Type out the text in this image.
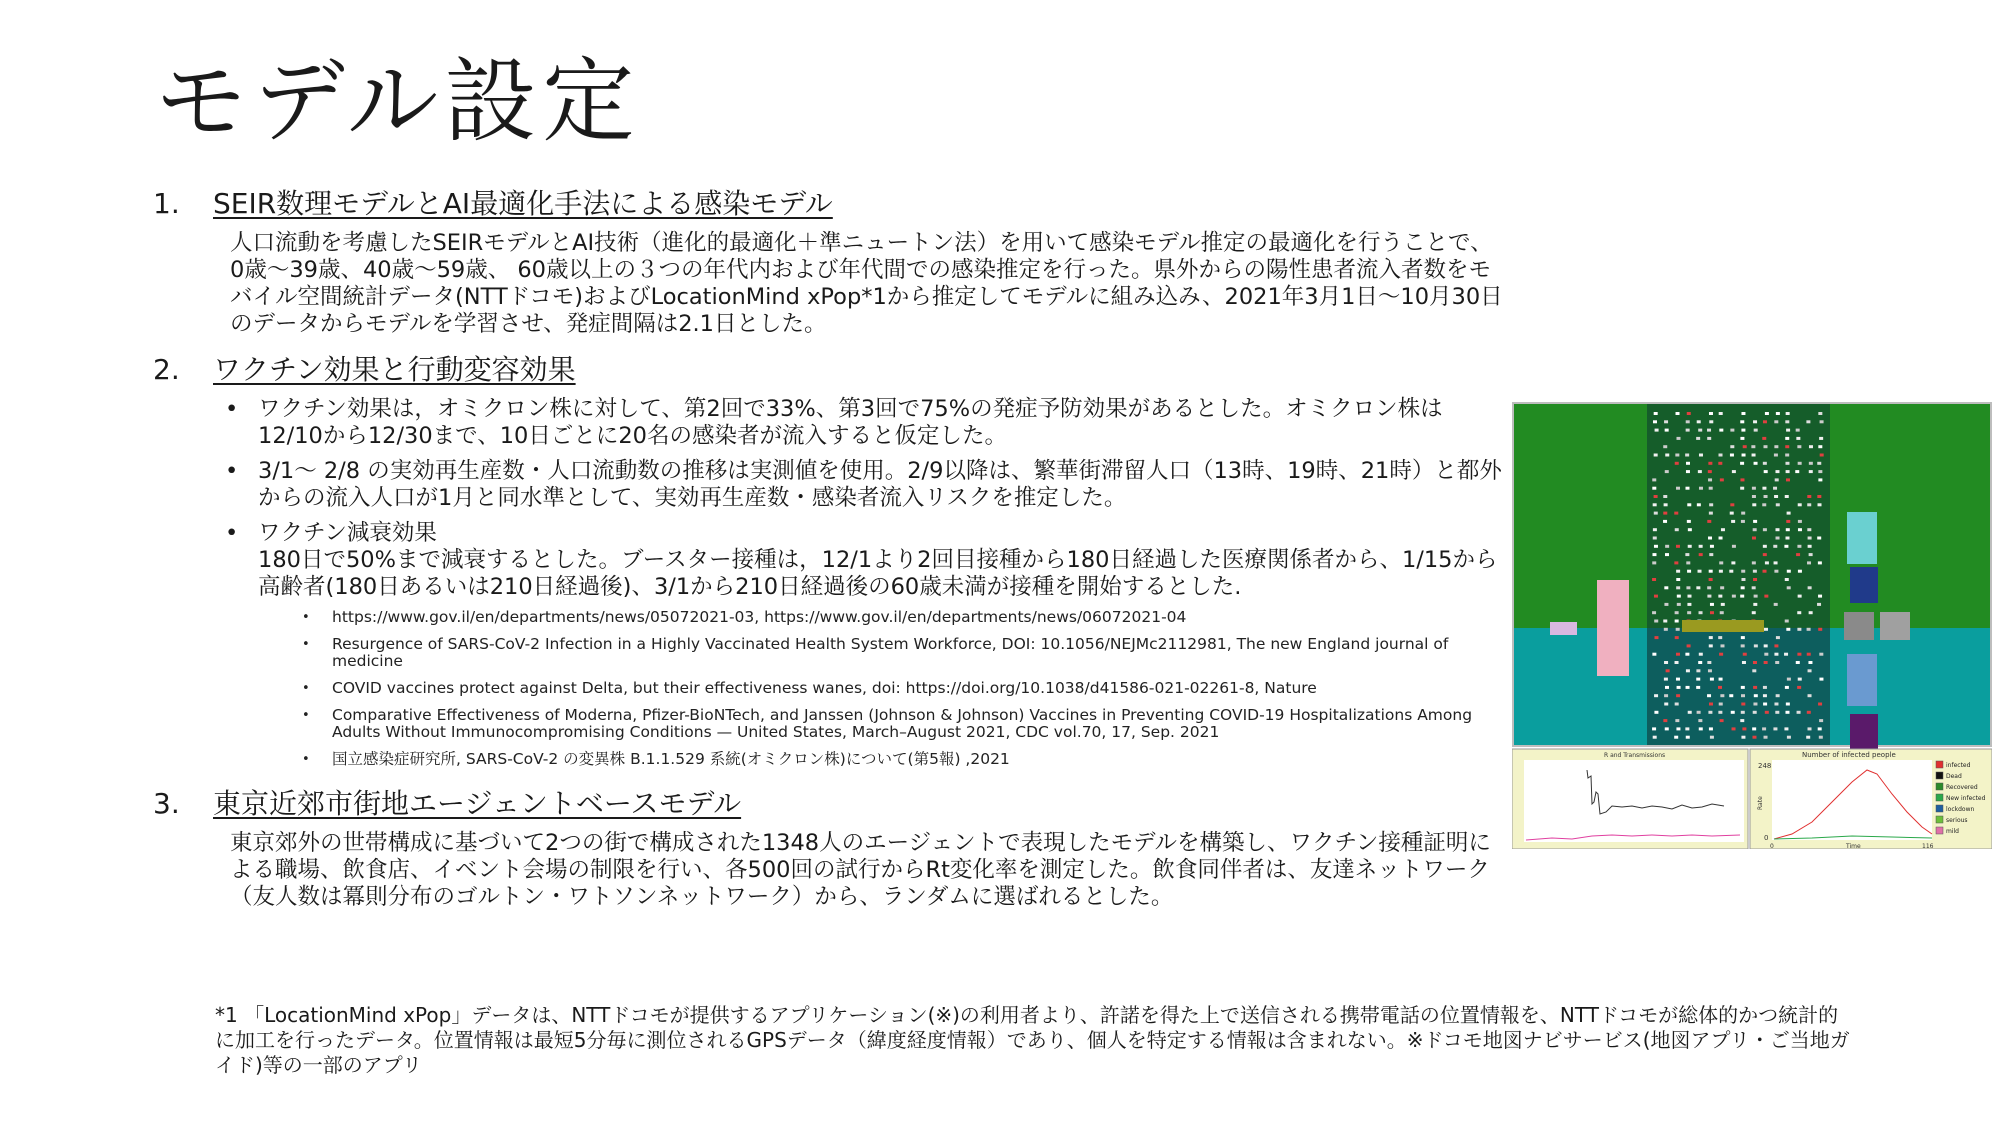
モデル設定
1.	SEIR数理モデルとAI最適化手法による感染モデル
人口流動を考慮したSEIRモデルとAI技術（進化的最適化＋準ニュートン法）を用いて感染モデル推定の最適化を行うことで、0歳～39歳、40歳～59歳、 60歳以上の３つの年代内および年代間での感染推定を行った。県外からの陽性患者流入者数をモバイル空間統計データ(NTTドコモ)およびLocationMind xPop*1から推定してモデルに組み込み、2021年3月1日～10月30日のデータからモデルを学習させ、発症間隔は2.1日とした。
2.	ワクチン効果と行動変容効果
• ワクチン効果は，オミクロン株に対して、第2回で33%、第3回で75%の発症予防効果があるとした。オミクロン株は12/10から12/30まで、10日ごとに20名の感染者が流入すると仮定した。
• 3/1～ 2/8 の実効再生産数・人口流動数の推移は実測値を使用。2/9以降は、繁華街滞留人口（13時、19時、21時）と都外からの流入人口が1月と同水準として、実効再生産数・感染者流入リスクを推定した。
• ワクチン減衰効果
180日で50%まで減衰するとした。ブースター接種は，12/1より2回目接種から180日経過した医療関係者から、1/15から高齢者(180日あるいは210日経過後)、3/1から210日経過後の60歳未満が接種を開始するとした.
• https://www.gov.il/en/departments/news/05072021-03, https://www.gov.il/en/departments/news/06072021-04
• Resurgence of SARS-CoV-2 Infection in a Highly Vaccinated Health System Workforce, DOI: 10.1056/NEJMc2112981, The new England journal of medicine
• COVID vaccines protect against Delta, but their effectiveness wanes, doi: https://doi.org/10.1038/d41586-021-02261-8, Nature
• Comparative Effectiveness of Moderna, Pfizer-BioNTech, and Janssen (Johnson & Johnson) Vaccines in Preventing COVID-19 Hospitalizations Among Adults Without Immunocompromising Conditions — United States, March–August 2021, CDC vol.70, 17, Sep. 2021
• 国立感染症研究所, SARS-CoV-2 の変異株 B.1.1.529 系統(オミクロン株)について(第5報) ,2021
3.	東京近郊市街地エージェントベースモデル
東京郊外の世帯構成に基づいて2つの街で構成された1348人のエージェントで表現したモデルを構築し、ワクチン接種証明による職場、飲食店、イベント会場の制限を行い、各500回の試行からRt変化率を測定した。飲食同伴者は、友達ネットワーク（友人数は冪則分布のゴルトン・ワトソンネットワーク）から、ランダムに選ばれるとした。
R and Transmissions	Number of infected people
248
0
0	116
Time
Rate
infected
Dead
Recovered
New infected
lockdown
serious
mild
*1 「LocationMind xPop」データは、NTTドコモが提供するアプリケーション(※)の利用者より、許諾を得た上で送信される携帯電話の位置情報を、NTTドコモが総体的かつ統計的に加工を行ったデータ。位置情報は最短5分毎に測位されるGPSデータ（緯度経度情報）であり、個人を特定する情報は含まれない。※ドコモ地図ナビサービス(地図アプリ・ご当地ガイド)等の一部のアプリ
